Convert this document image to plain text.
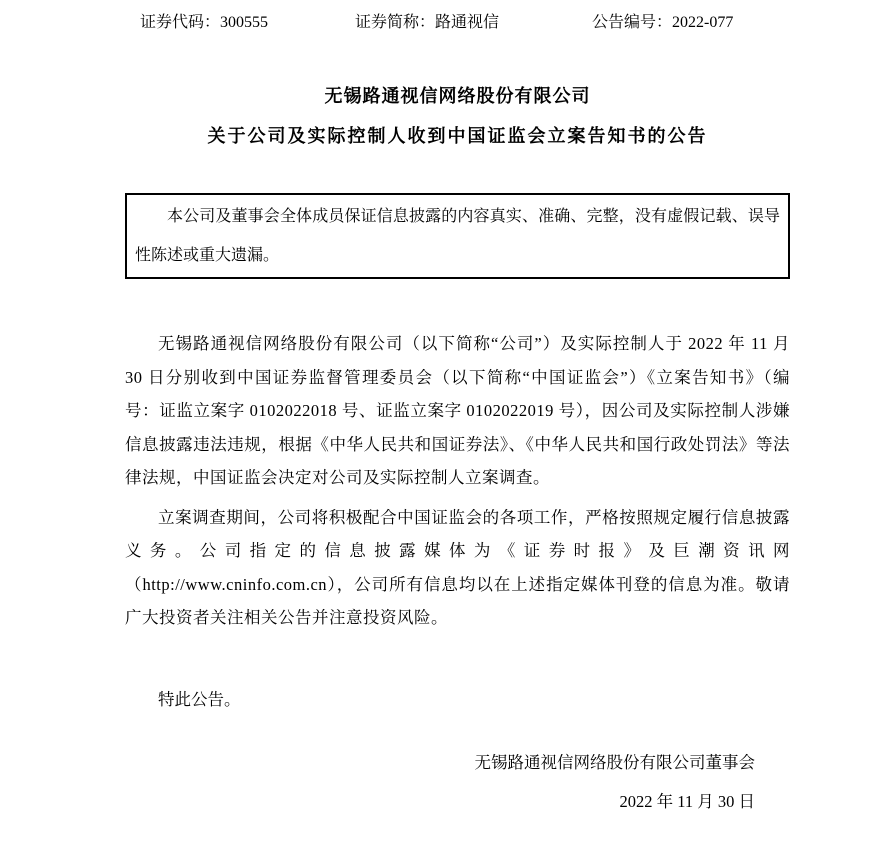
证券代码：300555	证券简称：路通视信	公告编号：2022-077
无锡路通视信网络股份有限公司
关于公司及实际控制人收到中国证监会立案告知书的公告

本公司及董事会全体成员保证信息披露的内容真实、准确、完整，没有虚假记载、误导性陈述或重大遗漏。

无锡路通视信网络股份有限公司（以下简称“公司”）及实际控制人于 2022 年 11 月 30 日分别收到中国证券监督管理委员会（以下简称“中国证监会”）《立案告知书》（编号：证监立案字 0102022018 号、证监立案字 0102022019 号），因公司及实际控制人涉嫌信息披露违法违规，根据《中华人民共和国证券法》、《中华人民共和国行政处罚法》等法律法规，中国证监会决定对公司及实际控制人立案调查。

立案调查期间，公司将积极配合中国证监会的各项工作，严格按照规定履行信息披露义务。公司指定的信息披露媒体为《证券时报》及巨潮资讯网（http://www.cninfo.com.cn），公司所有信息均以在上述指定媒体刊登的信息为准。敬请广大投资者关注相关公告并注意投资风险。

特此公告。

无锡路通视信网络股份有限公司董事会

2022 年 11 月 30 日
